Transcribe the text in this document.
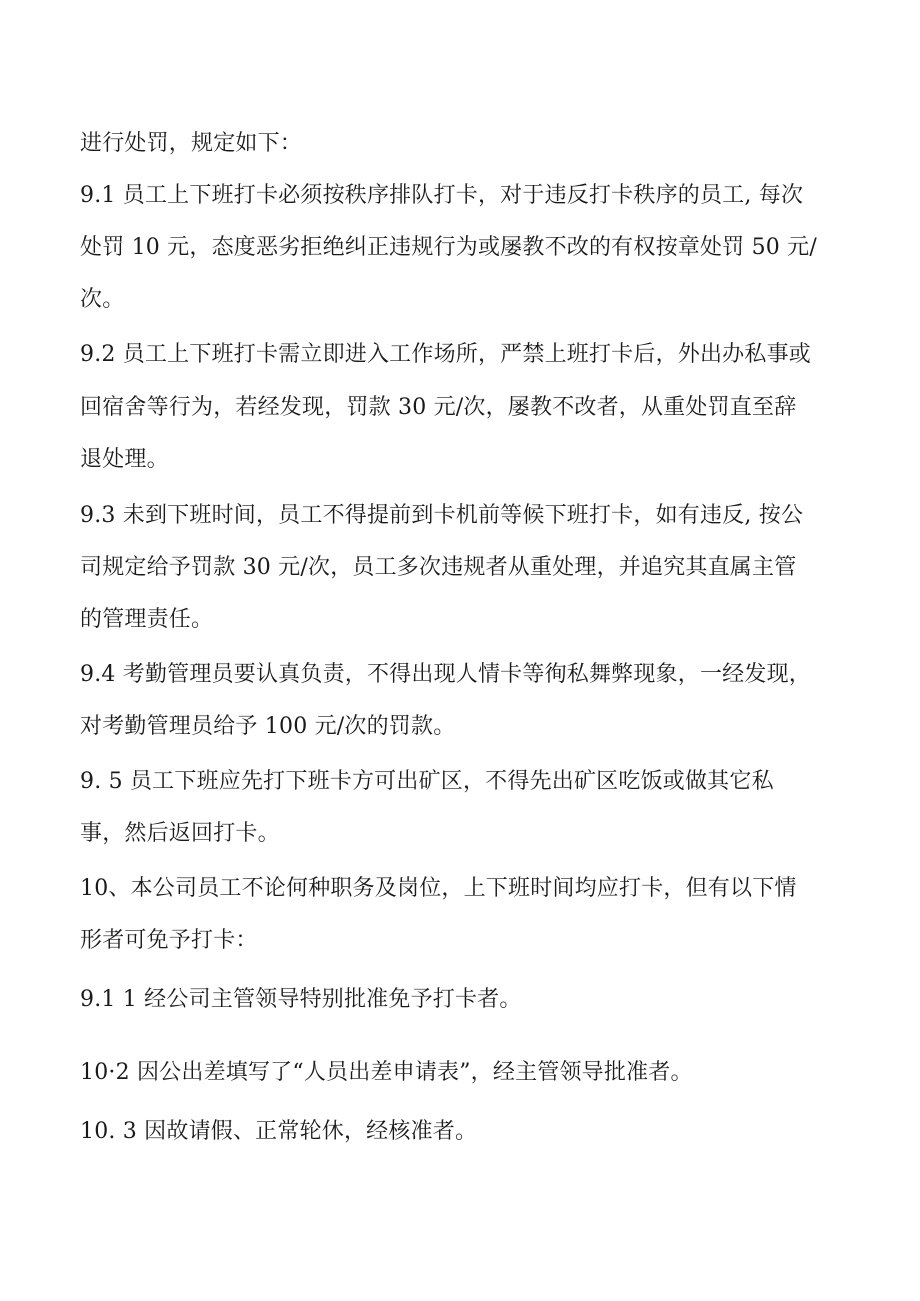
进行处罚，规定如下：
9.1 员工上下班打卡必须按秩序排队打卡，对于违反打卡秩序的员工, 每次
处罚 10 元，态度恶劣拒绝纠正违规行为或屡教不改的有权按章处罚 50 元/
次。
9.2 员工上下班打卡需立即进入工作场所，严禁上班打卡后，外出办私事或
回宿舍等行为，若经发现，罚款 30 元/次，屡教不改者，从重处罚直至辞
退处理。
9.3 未到下班时间，员工不得提前到卡机前等候下班打卡，如有违反, 按公
司规定给予罚款 30 元/次，员工多次违规者从重处理，并追究其直属主管
的管理责任。
9.4 考勤管理员要认真负责，不得出现人情卡等徇私舞弊现象，一经发现，
对考勤管理员给予 100 元/次的罚款。
9. 5 员工下班应先打下班卡方可出矿区，不得先出矿区吃饭或做其它私
事，然后返回打卡。
10、本公司员工不论何种职务及岗位，上下班时间均应打卡，但有以下情
形者可免予打卡：
9.1 1 经公司主管领导特别批准免予打卡者。
10·2 因公出差填写了“人员出差申请表”，经主管领导批准者。
10. 3 因故请假、正常轮休，经核准者。
